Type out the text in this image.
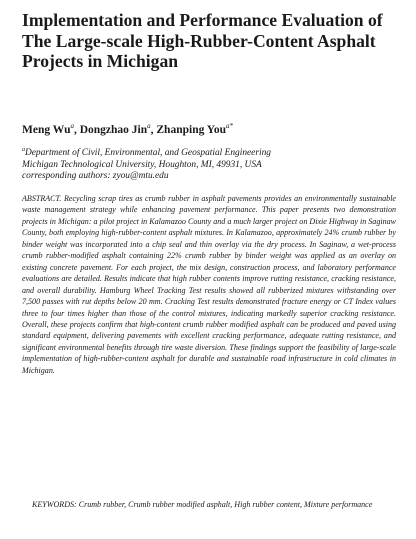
Implementation and Performance Evaluation of The Large-scale High-Rubber-Content Asphalt Projects in Michigan
Meng Wu$^a$, Dongzhao Jin$^a$, Zhanping You$^{a*}$
$^a$Department of Civil, Environmental, and Geospatial Engineering
Michigan Technological University, Houghton, MI, 49931, USA
corresponding authors: zyou@mtu.edu

ABSTRACT. Recycling scrap tires as crumb rubber in asphalt pavements provides an environmentally sustainable waste management strategy while enhancing pavement performance. This paper presents two demonstration projects in Michigan: a pilot project in Kalamazoo County and a much larger project on Dixie Highway in Saginaw County, both employing high-rubber-content asphalt mixtures. In Kalamazoo, approximately 24% crumb rubber by binder weight was incorporated into a chip seal and thin overlay via the dry process. In Saginaw, a wet-process crumb rubber-modified asphalt containing 22% crumb rubber by binder weight was applied as an overlay on existing concrete pavement. For each project, the mix design, construction process, and laboratory performance evaluations are detailed. Results indicate that high rubber contents improve rutting resistance, cracking resistance, and overall durability. Hamburg Wheel Tracking Test results showed all rubberized mixtures withstanding over 7,500 passes with rut depths below 20 mm. Cracking Test results demonstrated fracture energy or CT Index values three to four times higher than those of the control mixtures, indicating markedly superior cracking resistance. Overall, these projects confirm that high-content crumb rubber modified asphalt can be produced and paved using standard equipment, delivering pavements with excellent cracking performance, adequate rutting resistance, and significant environmental benefits through tire waste diversion. These findings support the feasibility of large-scale implementation of high-rubber-content asphalt for durable and sustainable road infrastructure in cold climates in Michigan.

KEYWORDS: Crumb rubber, Crumb rubber modified asphalt, High rubber content, Mixture performance
